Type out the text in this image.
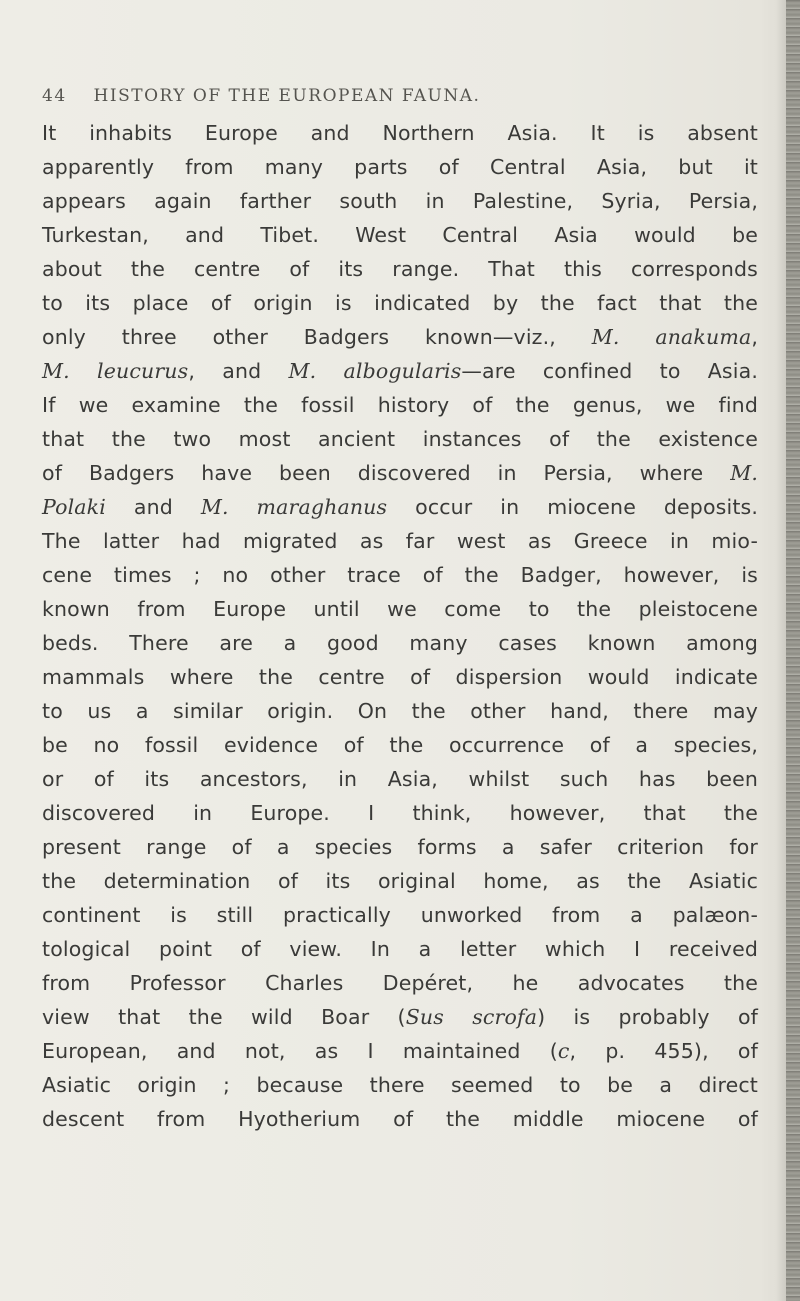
44 HISTORY OF THE EUROPEAN FAUNA.
It inhabits Europe and Northern Asia. It is absent
apparently from many parts of Central Asia, but it
appears again farther south in Palestine, Syria, Persia,
Turkestan, and Tibet. West Central Asia would be
about the centre of its range. That this corresponds
to its place of origin is indicated by the fact that the
only three other Badgers known—viz., M. anakuma,
M. leucurus, and M. albogularis—are confined to Asia.
If we examine the fossil history of the genus, we find
that the two most ancient instances of the existence
of Badgers have been discovered in Persia, where M.
Polaki and M. maraghanus occur in miocene deposits.
The latter had migrated as far west as Greece in mio-
cene times ; no other trace of the Badger, however, is
known from Europe until we come to the pleistocene
beds. There are a good many cases known among
mammals where the centre of dispersion would indicate
to us a similar origin. On the other hand, there may
be no fossil evidence of the occurrence of a species,
or of its ancestors, in Asia, whilst such has been
discovered in Europe. I think, however, that the
present range of a species forms a safer criterion for
the determination of its original home, as the Asiatic
continent is still practically unworked from a palæon-
tological point of view. In a letter which I received
from Professor Charles Depéret, he advocates the
view that the wild Boar (Sus scrofa) is probably of
European, and not, as I maintained (c, p. 455), of
Asiatic origin ; because there seemed to be a direct
descent from Hyotherium of the middle miocene of
